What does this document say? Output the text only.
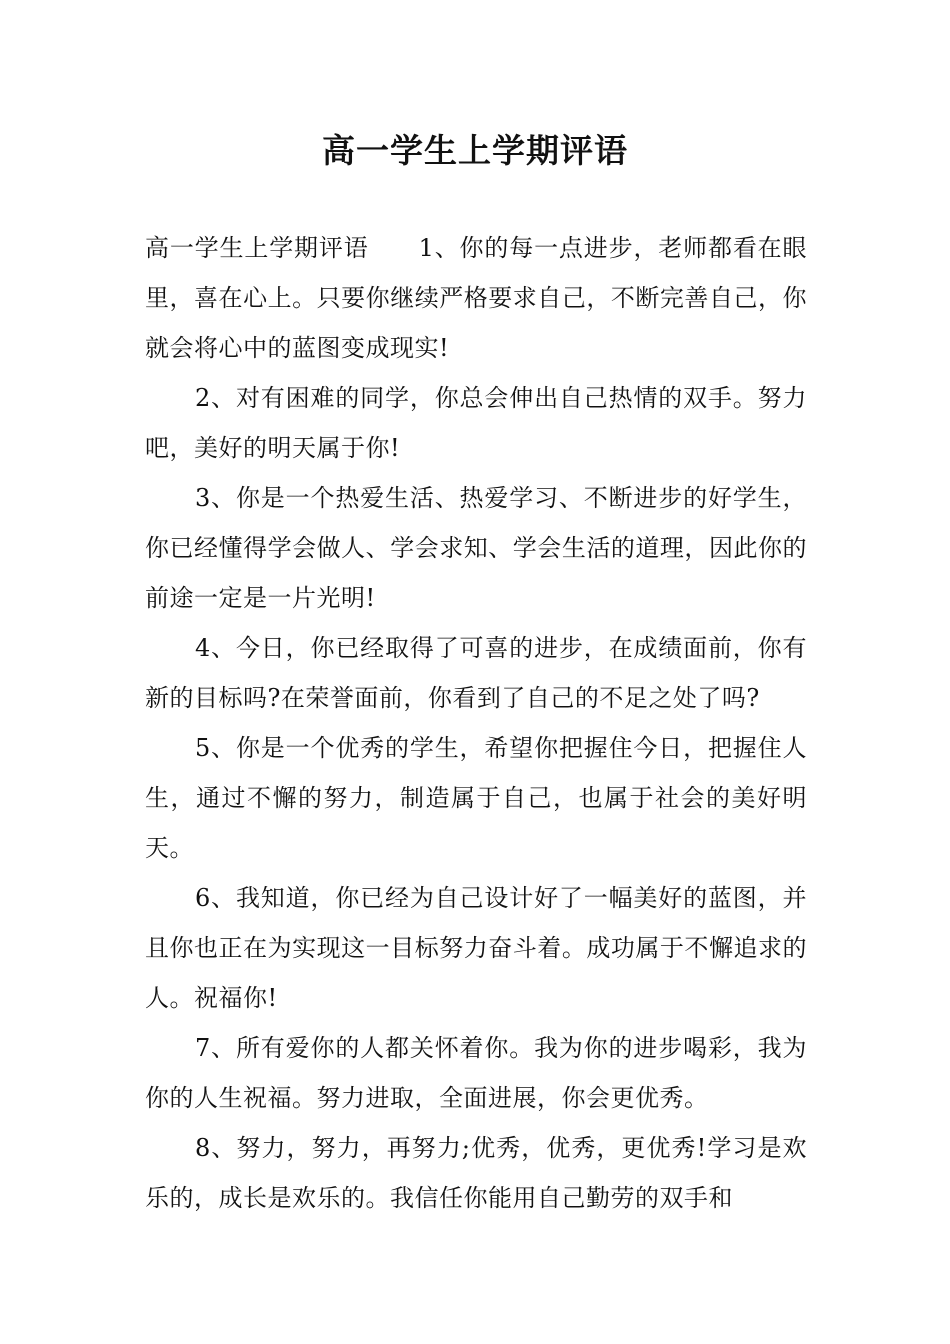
高一学生上学期评语

高一学生上学期评语 1、你的每一点进步，老师都看在眼里，喜在心上。只要你继续严格要求自己，不断完善自己，你就会将心中的蓝图变成现实!

2、对有困难的同学，你总会伸出自己热情的双手。努力吧，美好的明天属于你!

3、你是一个热爱生活、热爱学习、不断进步的好学生，你已经懂得学会做人、学会求知、学会生活的道理，因此你的前途一定是一片光明!

4、今日，你已经取得了可喜的进步，在成绩面前，你有新的目标吗?在荣誉面前，你看到了自己的不足之处了吗?

5、你是一个优秀的学生，希望你把握住今日，把握住人生，通过不懈的努力，制造属于自己，也属于社会的美好明天。

6、我知道，你已经为自己设计好了一幅美好的蓝图，并且你也正在为实现这一目标努力奋斗着。成功属于不懈追求的人。祝福你!

7、所有爱你的人都关怀着你。我为你的进步喝彩，我为你的人生祝福。努力进取，全面进展，你会更优秀。

8、努力，努力，再努力;优秀，优秀，更优秀!学习是欢乐的，成长是欢乐的。我信任你能用自己勤劳的双手和
